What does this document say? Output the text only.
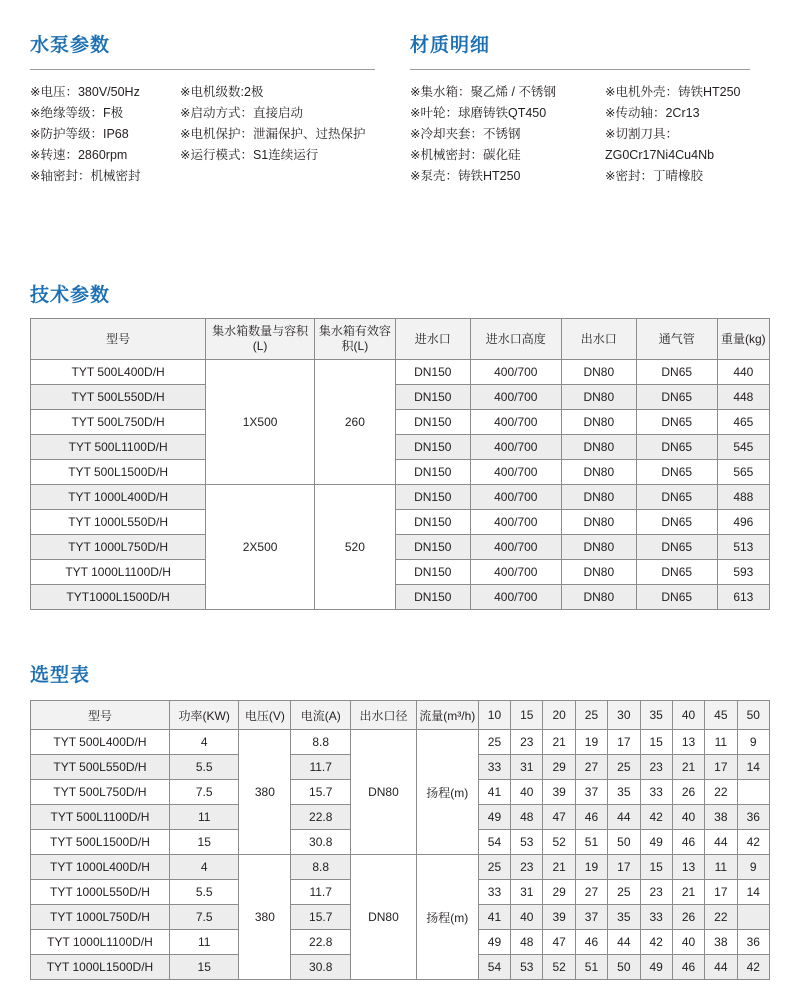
水泵参数
※电压：380V/50Hz
※绝缘等级：F极
※防护等级：IP68
※转速：2860rpm
※轴密封：机械密封
※电机级数:2极
※启动方式：直接启动
※电机保护：泄漏保护、过热保护
※运行模式：S1连续运行
材质明细
※集水箱：聚乙烯 / 不锈钢
※叶轮：球磨铸铁QT450
※冷却夹套：不锈钢
※机械密封：碳化硅
※泵壳：铸铁HT250
※电机外壳：铸铁HT250
※传动轴：2Cr13
※切割刀具：
ZG0Cr17Ni4Cu4Nb
※密封：丁晴橡胶
技术参数
型号	集水箱数量与容积(L)	集水箱有效容积(L)	进水口	进水口高度	出水口	通气管	重量(kg)
TYT 500L400D/H	1X500	260	DN150	400/700	DN80	DN65	440
TYT 500L550D/H			DN150	400/700	DN80	DN65	448
TYT 500L750D/H			DN150	400/700	DN80	DN65	465
TYT 500L1100D/H			DN150	400/700	DN80	DN65	545
TYT 500L1500D/H			DN150	400/700	DN80	DN65	565
TYT 1000L400D/H	2X500	520	DN150	400/700	DN80	DN65	488
TYT 1000L550D/H			DN150	400/700	DN80	DN65	496
TYT 1000L750D/H			DN150	400/700	DN80	DN65	513
TYT 1000L1100D/H			DN150	400/700	DN80	DN65	593
TYT1000L1500D/H			DN150	400/700	DN80	DN65	613
选型表
型号	功率(KW)	电压(V)	电流(A)	出水口径	流量(m³/h)	10	15	20	25	30	35	40	45	50
TYT 500L400D/H	4	380	8.8	DN80	扬程(m)	25	23	21	19	17	15	13	11	9
TYT 500L550D/H	5.5		11.7			33	31	29	27	25	23	21	17	14
TYT 500L750D/H	7.5		15.7			41	40	39	37	35	33	26	22	
TYT 500L1100D/H	11		22.8			49	48	47	46	44	42	40	38	36
TYT 500L1500D/H	15		30.8			54	53	52	51	50	49	46	44	42
TYT 1000L400D/H	4	380	8.8	DN80	扬程(m)	25	23	21	19	17	15	13	11	9
TYT 1000L550D/H	5.5		11.7			33	31	29	27	25	23	21	17	14
TYT 1000L750D/H	7.5		15.7			41	40	39	37	35	33	26	22	
TYT 1000L1100D/H	11		22.8			49	48	47	46	44	42	40	38	36
TYT 1000L1500D/H	15		30.8			54	53	52	51	50	49	46	44	42
